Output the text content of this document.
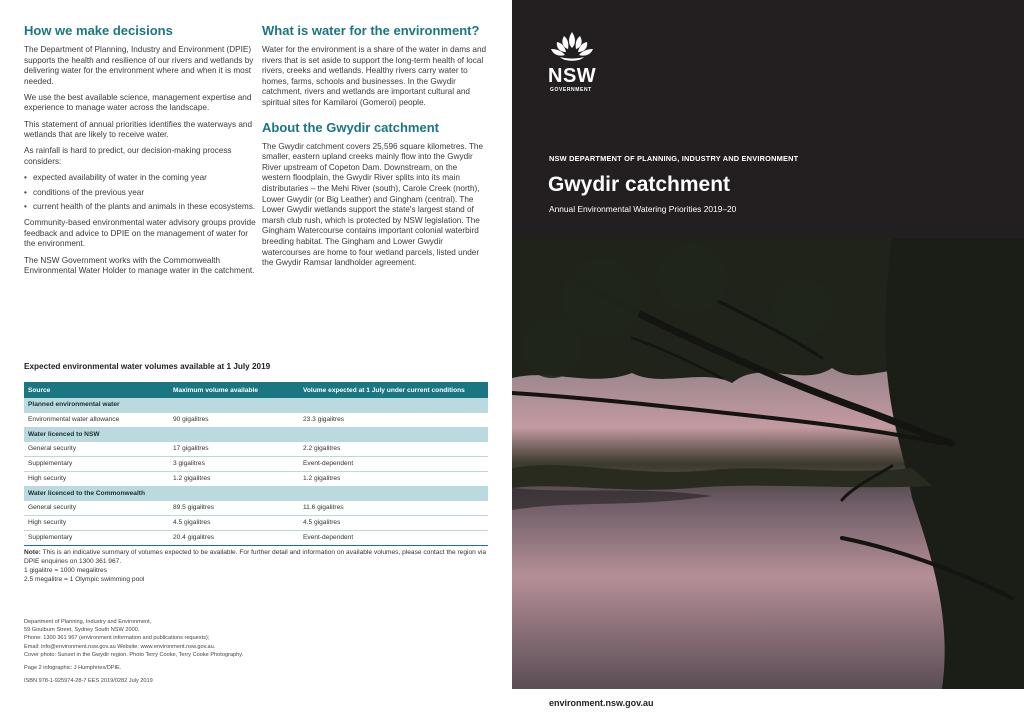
How we make decisions

The Department of Planning, Industry and Environment (DPIE) supports the health and resilience of our rivers and wetlands by delivering water for the environment where and when it is most needed.

We use the best available science, management expertise and experience to manage water across the landscape.

This statement of annual priorities identifies the waterways and wetlands that are likely to receive water.

As rainfall is hard to predict, our decision-making process considers:

• expected availability of water in the coming year
• conditions of the previous year
• current health of the plants and animals in these ecosystems.

Community-based environmental water advisory groups provide feedback and advice to DPIE on the management of water for the environment.

The NSW Government works with the Commonwealth Environmental Water Holder to manage water in the catchment.

What is water for the environment?

Water for the environment is a share of the water in dams and rivers that is set aside to support the long-term health of local rivers, creeks and wetlands. Healthy rivers carry water to homes, farms, schools and businesses. In the Gwydir catchment, rivers and wetlands are important cultural and spiritual sites for Kamilaroi (Gomeroi) people.

About the Gwydir catchment

The Gwydir catchment covers 25,596 square kilometres. The smaller, eastern upland creeks mainly flow into the Gwydir River upstream of Copeton Dam. Downstream, on the western floodplain, the Gwydir River splits into its main distributaries – the Mehi River (south), Carole Creek (north), Lower Gwydir (or Big Leather) and Gingham (central). The Lower Gwydir wetlands support the state's largest stand of marsh club rush, which is protected by NSW legislation. The Gingham Watercourse contains important colonial waterbird breeding habitat. The Gingham and Lower Gwydir watercourses are home to four wetland parcels, listed under the Gwydir Ramsar landholder agreement.

Expected environmental water volumes available at 1 July 2019
Source	Maximum volume available	Volume expected at 1 July under current conditions
Planned environmental water		
Environmental water allowance	90 gigalitres	23.3 gigalitres
Water licenced to NSW		
General security	17 gigalitres	2.2 gigalitres
Supplementary	3 gigalitres	Event-dependent
High security	1.2 gigalitres	1.2 gigalitres
Water licenced to the Commonwealth		
General security	89.5 gigalitres	11.6 gigalitres
High security	4.5 gigalitres	4.5 gigalitres
Supplementary	20.4 gigalitres	Event-dependent
Note: This is an indicative summary of volumes expected to be available. For further detail and information on available volumes, please contact the region via DPIE enquiries on 1300 361 967.
1 gigalitre = 1000 megalitres
2.5 megalitre = 1 Olympic swimming pool
Department of Planning, Industry and Environment,
59 Goulburn Street, Sydney South NSW 2000.
Phone: 1300 361 967 (environment information and publications requests);
Email: info@environment.nsw.gov.au Website: www.environment.nsw.gov.au.
Cover photo: Sunset in the Gwydir region. Photo Terry Cooke, Terry Cooke Photography.
Page 2 infographic: J Humphries/DPIE.
ISBN 978-1-925974-28-7 EES 2019/0282 July 2019
NSW
GOVERNMENT
NSW DEPARTMENT OF PLANNING, INDUSTRY AND ENVIRONMENT
Gwydir catchment
Annual Environmental Watering Priorities 2019–20
environment.nsw.gov.au
